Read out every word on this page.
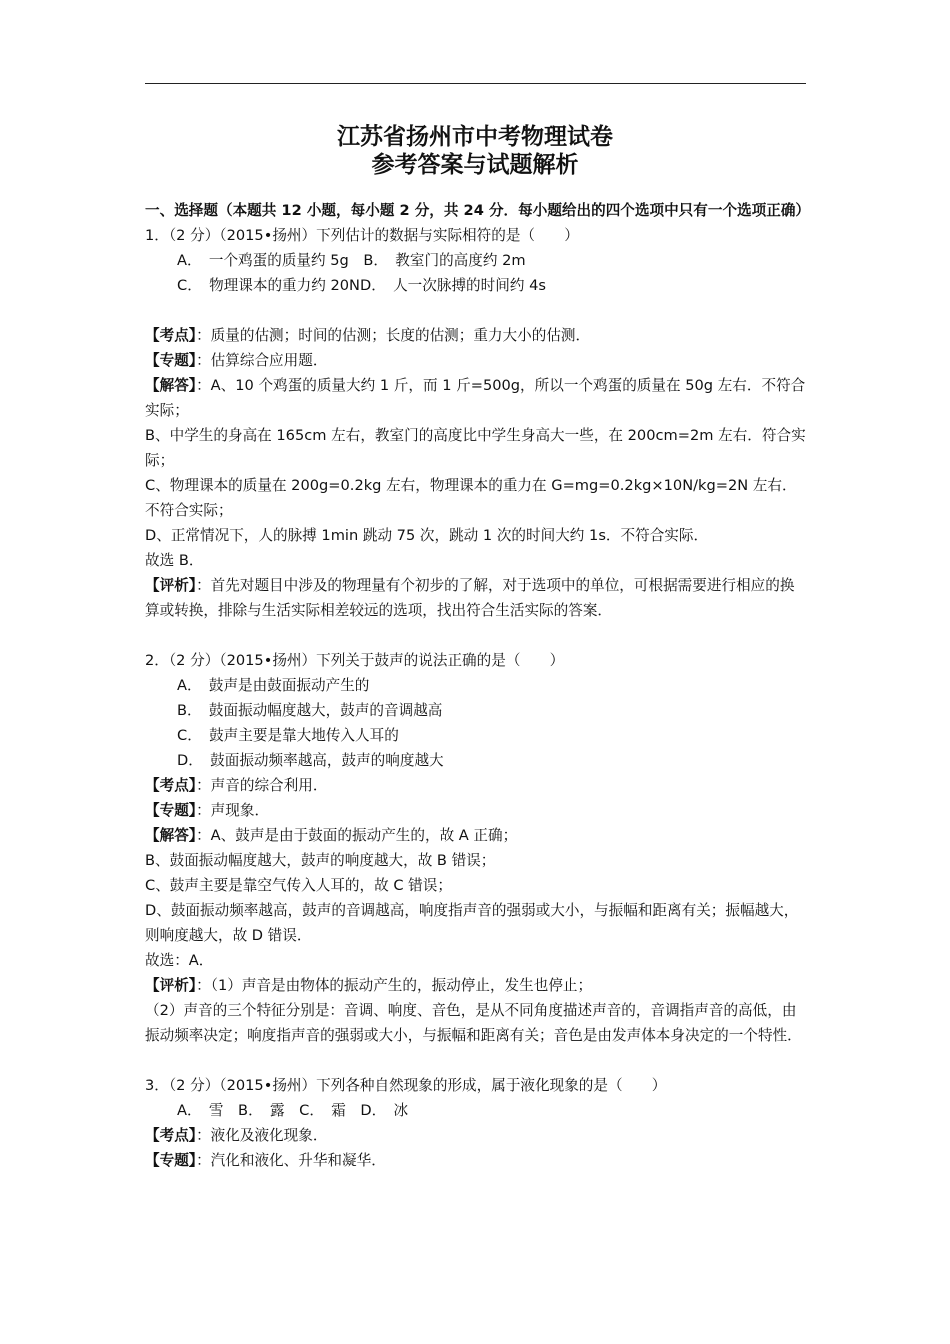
江苏省扬州市中考物理试卷
参考答案与试题解析

一、选择题（本题共 12 小题，每小题 2 分，共 24 分．每小题给出的四个选项中只有一个选项正确）

1．（2 分）（2015•扬州）下列估计的数据与实际相符的是（　　）

A．　一个鸡蛋的质量约 5g　B．　教室门的高度约 2m

C．　物理课本的重力约 20ND．　人一次脉搏的时间约 4s

【考点】：质量的估测；时间的估测；长度的估测；重力大小的估测．

【专题】：估算综合应用题．

【解答】：A、10 个鸡蛋的质量大约 1 斤，而 1 斤=500g，所以一个鸡蛋的质量在 50g 左右．不符合实际；

B、中学生的身高在 165cm 左右，教室门的高度比中学生身高大一些，在 200cm=2m 左右．符合实际；

C、物理课本的质量在 200g=0.2kg 左右，物理课本的重力在 G=mg=0.2kg×10N/kg=2N 左右．不符合实际；

D、正常情况下，人的脉搏 1min 跳动 75 次，跳动 1 次的时间大约 1s．不符合实际．

故选 B．

【评析】：首先对题目中涉及的物理量有个初步的了解，对于选项中的单位，可根据需要进行相应的换算或转换，排除与生活实际相差较远的选项，找出符合生活实际的答案．

2．（2 分）（2015•扬州）下列关于鼓声的说法正确的是（　　）

A．　鼓声是由鼓面振动产生的

B．　鼓面振动幅度越大，鼓声的音调越高

C．　鼓声主要是靠大地传入人耳的

D．　鼓面振动频率越高，鼓声的响度越大

【考点】：声音的综合利用．

【专题】：声现象．

【解答】：A、鼓声是由于鼓面的振动产生的，故 A 正确；

B、鼓面振动幅度越大，鼓声的响度越大，故 B 错误；

C、鼓声主要是靠空气传入人耳的，故 C 错误；

D、鼓面振动频率越高，鼓声的音调越高，响度指声音的强弱或大小，与振幅和距离有关；振幅越大，则响度越大，故 D 错误．

故选：A．

【评析】：（1）声音是由物体的振动产生的，振动停止，发生也停止；

（2）声音的三个特征分别是：音调、响度、音色，是从不同角度描述声音的，音调指声音的高低，由振动频率决定；响度指声音的强弱或大小，与振幅和距离有关；音色是由发声体本身决定的一个特性．

3．（2 分）（2015•扬州）下列各种自然现象的形成，属于液化现象的是（　　）

A．　雪　B．　露　C．　霜　D．　冰

【考点】：液化及液化现象．

【专题】：汽化和液化、升华和凝华．
